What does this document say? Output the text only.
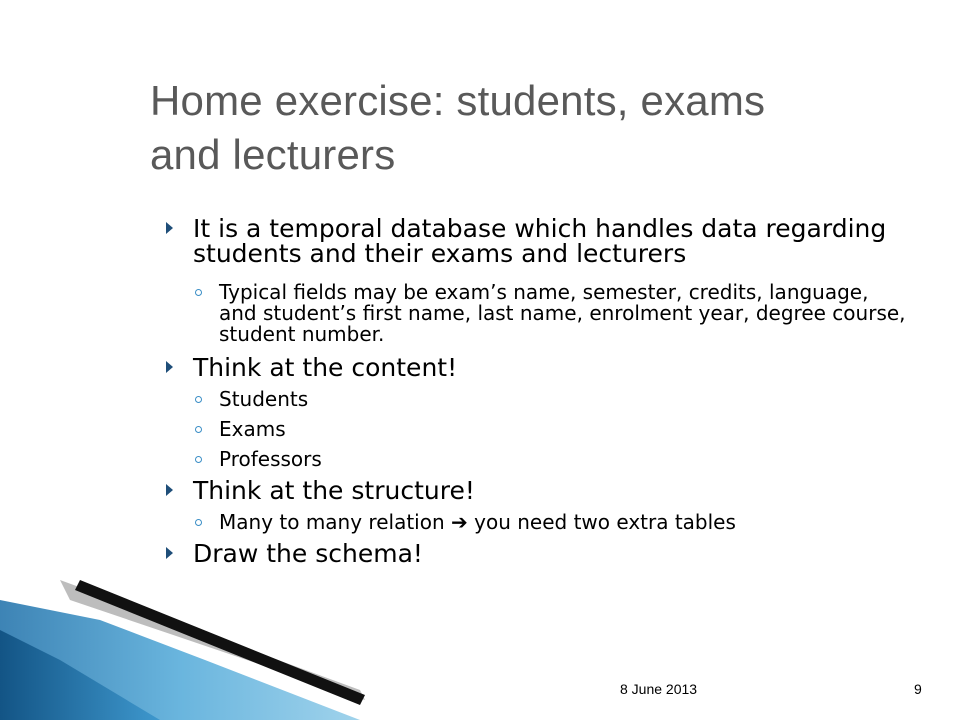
Home exercise: students, exams
and lecturers
It is a temporal database which handles data regarding students and their exams and lecturers
Typical fields may be exam’s name, semester, credits, language, and student’s first name, last name, enrolment year, degree course, student number.
Think at the content!
Students
Exams
Professors
Think at the structure!
Many to many relation ➔ you need two extra tables
Draw the schema!
8 June 2013	9
